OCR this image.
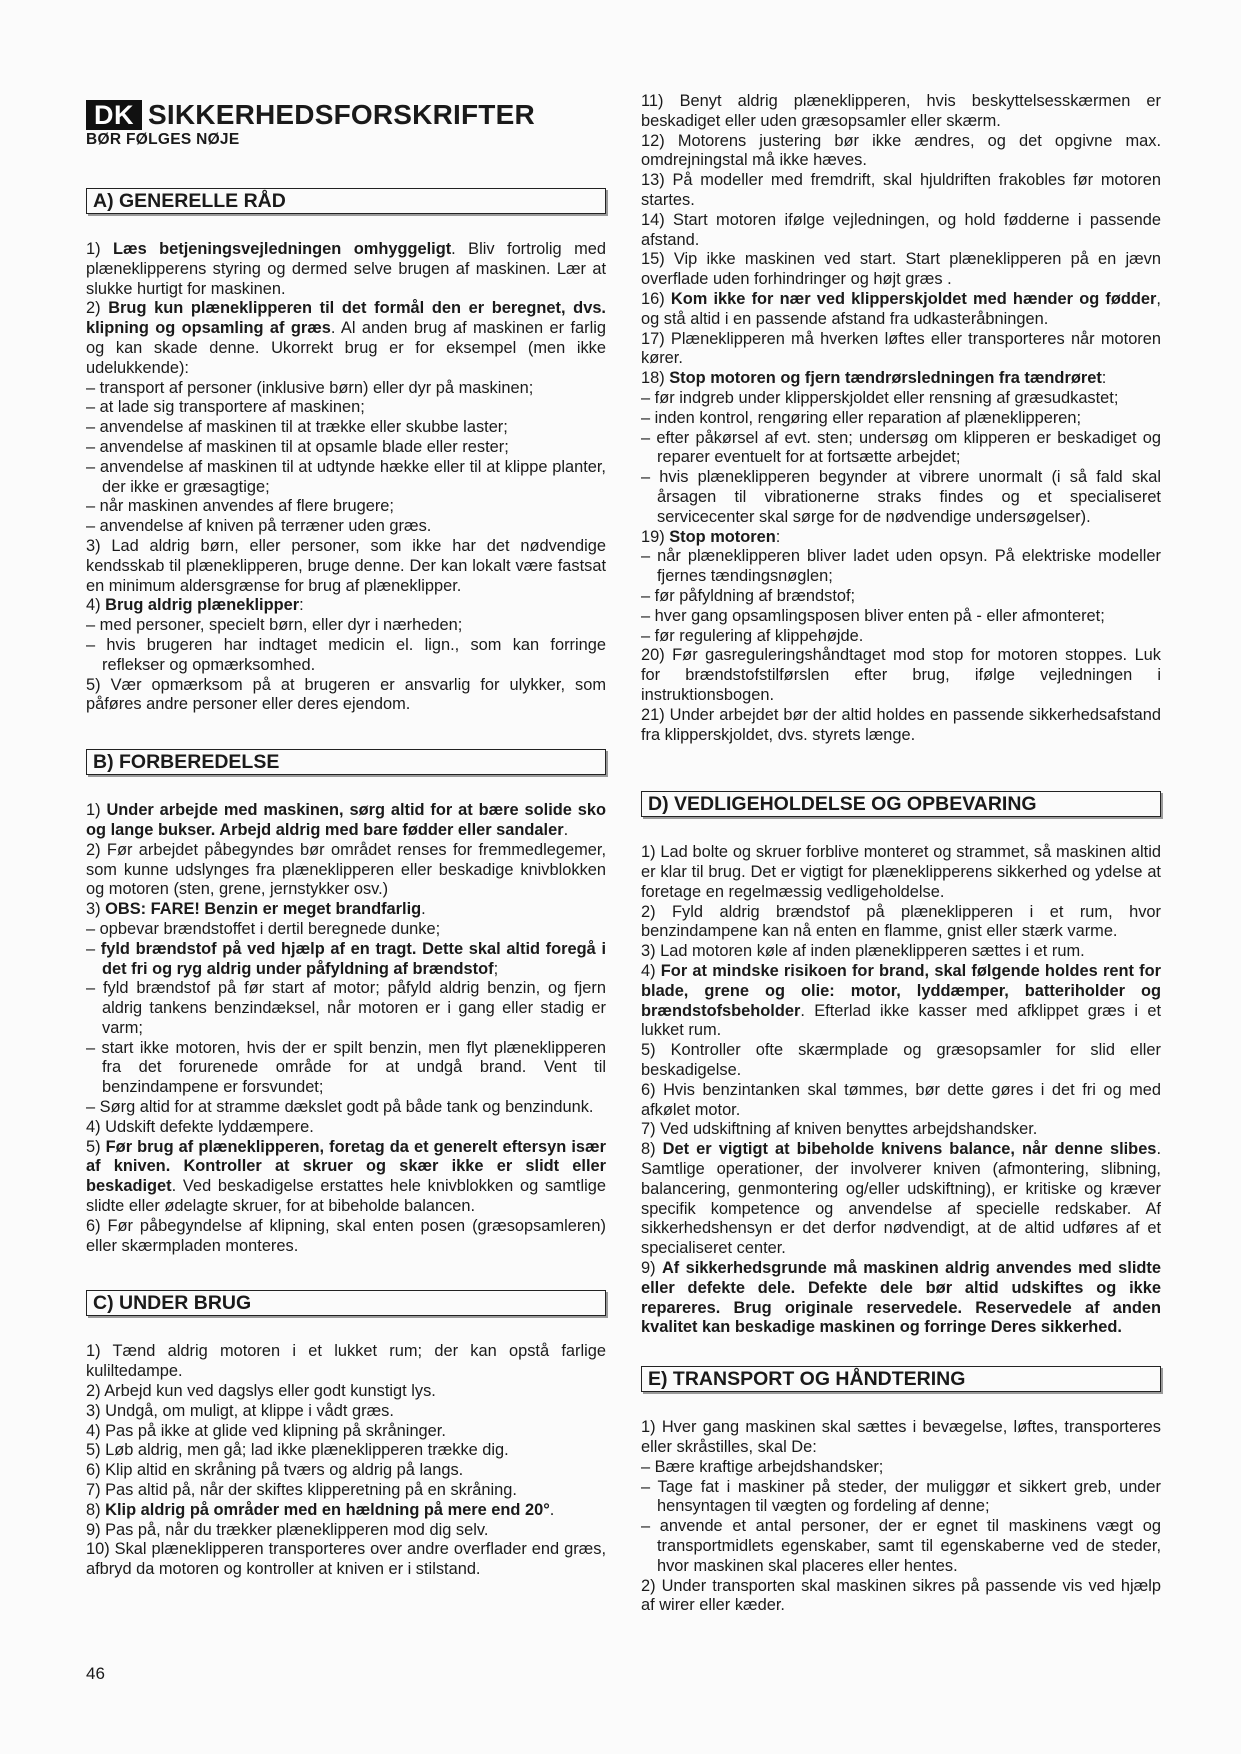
DK SIKKERHEDSFORSKRIFTER
BØR FØLGES NØJE
A) GENERELLE RÅD

1) Læs betjeningsvejledningen omhyggeligt. Bliv fortrolig med plæneklipperens styring og dermed selve brugen af maskinen. Lær at slukke hurtigt for maskinen.

2) Brug kun plæneklipperen til det formål den er beregnet, dvs. klipning og opsamling af græs. Al anden brug af maskinen er farlig og kan skade denne. Ukorrekt brug er for eksempel (men ikke udelukkende):

– transport af personer (inklusive børn) eller dyr på maskinen;

– at lade sig transportere af maskinen;

– anvendelse af maskinen til at trække eller skubbe laster;

– anvendelse af maskinen til at opsamle blade eller rester;

– anvendelse af maskinen til at udtynde hække eller til at klippe planter, der ikke er græsagtige;

– når maskinen anvendes af flere brugere;

– anvendelse af kniven på terræner uden græs.

3) Lad aldrig børn, eller personer, som ikke har det nødvendige kendsskab til plæneklipperen, bruge denne. Der kan lokalt være fastsat en minimum aldersgrænse for brug af plæneklipper.

4) Brug aldrig plæneklipper:

– med personer, specielt børn, eller dyr i nærheden;

– hvis brugeren har indtaget medicin el. lign., som kan forringe reflekser og opmærksomhed.

5) Vær opmærksom på at brugeren er ansvarlig for ulykker, som påføres andre personer eller deres ejendom.

B) FORBEREDELSE

1) Under arbejde med maskinen, sørg altid for at bære solide sko og lange bukser. Arbejd aldrig med bare fødder eller sandaler.

2) Før arbejdet påbegyndes bør området renses for fremmedlegemer, som kunne udslynges fra plæneklipperen eller beskadige knivblokken og motoren (sten, grene, jernstykker osv.)

3) OBS: FARE! Benzin er meget brandfarlig.

– opbevar brændstoffet i dertil beregnede dunke;

– fyld brændstof på ved hjælp af en tragt. Dette skal altid foregå i det fri og ryg aldrig under påfyldning af brændstof;

– fyld brændstof på før start af motor; påfyld aldrig benzin, og fjern aldrig tankens benzindæksel, når motoren er i gang eller stadig er varm;

– start ikke motoren, hvis der er spilt benzin, men flyt plæneklipperen fra det forurenede område for at undgå brand. Vent til benzindampene er forsvundet;

– Sørg altid for at stramme dækslet godt på både tank og benzindunk.

4) Udskift defekte lyddæmpere.

5) Før brug af plæneklipperen, foretag da et generelt eftersyn især af kniven. Kontroller at skruer og skær ikke er slidt eller beskadiget. Ved beskadigelse erstattes hele knivblokken og samtlige slidte eller ødelagte skruer, for at bibeholde balancen.

6) Før påbegyndelse af klipning, skal enten posen (græsopsamleren) eller skærmpladen monteres.

C) UNDER BRUG

1) Tænd aldrig motoren i et lukket rum; der kan opstå farlige kuliltedampe.

2) Arbejd kun ved dagslys eller godt kunstigt lys.

3) Undgå, om muligt, at klippe i vådt græs.

4) Pas på ikke at glide ved klipning på skråninger.

5) Løb aldrig, men gå; lad ikke plæneklipperen trække dig.

6) Klip altid en skråning på tværs og aldrig på langs.

7) Pas altid på, når der skiftes klipperetning på en skråning.

8) Klip aldrig på områder med en hældning på mere end 20°.

9) Pas på, når du trækker plæneklipperen mod dig selv.

10) Skal plæneklipperen transporteres over andre overflader end græs, afbryd da motoren og kontroller at kniven er i stilstand.

11) Benyt aldrig plæneklipperen, hvis beskyttelsesskærmen er beskadiget eller uden græsopsamler eller skærm.

12) Motorens justering bør ikke ændres, og det opgivne max. omdrejningstal må ikke hæves.

13) På modeller med fremdrift, skal hjuldriften frakobles før motoren startes.

14) Start motoren ifølge vejledningen, og hold fødderne i passende afstand.

15) Vip ikke maskinen ved start. Start plæneklipperen på en jævn overflade uden forhindringer og højt græs .

16) Kom ikke for nær ved klipperskjoldet med hænder og fødder, og stå altid i en passende afstand fra udkasteråbningen.

17) Plæneklipperen må hverken løftes eller transporteres når motoren kører.

18) Stop motoren og fjern tændrørsledningen fra tændrøret:

– før indgreb under klipperskjoldet eller rensning af græsudkastet;

– inden kontrol, rengøring eller reparation af plæneklipperen;

– efter påkørsel af evt. sten; undersøg om klipperen er beskadiget og reparer eventuelt for at fortsætte arbejdet;

– hvis plæneklipperen begynder at vibrere unormalt (i så fald skal årsagen til vibrationerne straks findes og et specialiseret servicecenter skal sørge for de nødvendige undersøgelser).

19) Stop motoren:

– når plæneklipperen bliver ladet uden opsyn. På elektriske modeller fjernes tændingsnøglen;

– før påfyldning af brændstof;

– hver gang opsamlingsposen bliver enten på - eller afmonteret;

– før regulering af klippehøjde.

20) Før gasreguleringshåndtaget mod stop for motoren stoppes. Luk for brændstofstilførslen efter brug, ifølge vejledningen i instruktionsbogen.

21) Under arbejdet bør der altid holdes en passende sikkerhedsafstand fra klipperskjoldet, dvs. styrets længe.

D) VEDLIGEHOLDELSE OG OPBEVARING

1) Lad bolte og skruer forblive monteret og strammet, så maskinen altid er klar til brug. Det er vigtigt for plæneklipperens sikkerhed og ydelse at foretage en regelmæssig vedligeholdelse.

2) Fyld aldrig brændstof på plæneklipperen i et rum, hvor benzindampene kan nå enten en flamme, gnist eller stærk varme.

3) Lad motoren køle af inden plæneklipperen sættes i et rum.

4) For at mindske risikoen for brand, skal følgende holdes rent for blade, grene og olie: motor, lyddæmper, batteriholder og brændstofsbeholder. Efterlad ikke kasser med afklippet græs i et lukket rum.

5) Kontroller ofte skærmplade og græsopsamler for slid eller beskadigelse.

6) Hvis benzintanken skal tømmes, bør dette gøres i det fri og med afkølet motor.

7) Ved udskiftning af kniven benyttes arbejdshandsker.

8) Det er vigtigt at bibeholde knivens balance, når denne slibes. Samtlige operationer, der involverer kniven (afmontering, slibning, balancering, genmontering og/eller udskiftning), er kritiske og kræver specifik kompetence og anvendelse af specielle redskaber. Af sikkerhedshensyn er det derfor nødvendigt, at de altid udføres af et specialiseret center.

9) Af sikkerhedsgrunde må maskinen aldrig anvendes med slidte eller defekte dele. Defekte dele bør altid udskiftes og ikke repareres. Brug originale reservedele. Reservedele af anden kvalitet kan beskadige maskinen og forringe Deres sikkerhed.

E) TRANSPORT OG HÅNDTERING

1) Hver gang maskinen skal sættes i bevægelse, løftes, transporteres eller skråstilles, skal De:

– Bære kraftige arbejdshandsker;

– Tage fat i maskiner på steder, der muliggør et sikkert greb, under hensyntagen til vægten og fordeling af denne;

– anvende et antal personer, der er egnet til maskinens vægt og transportmidlets egenskaber, samt til egenskaberne ved de steder, hvor maskinen skal placeres eller hentes.

2) Under transporten skal maskinen sikres på passende vis ved hjælp af wirer eller kæder.

46
